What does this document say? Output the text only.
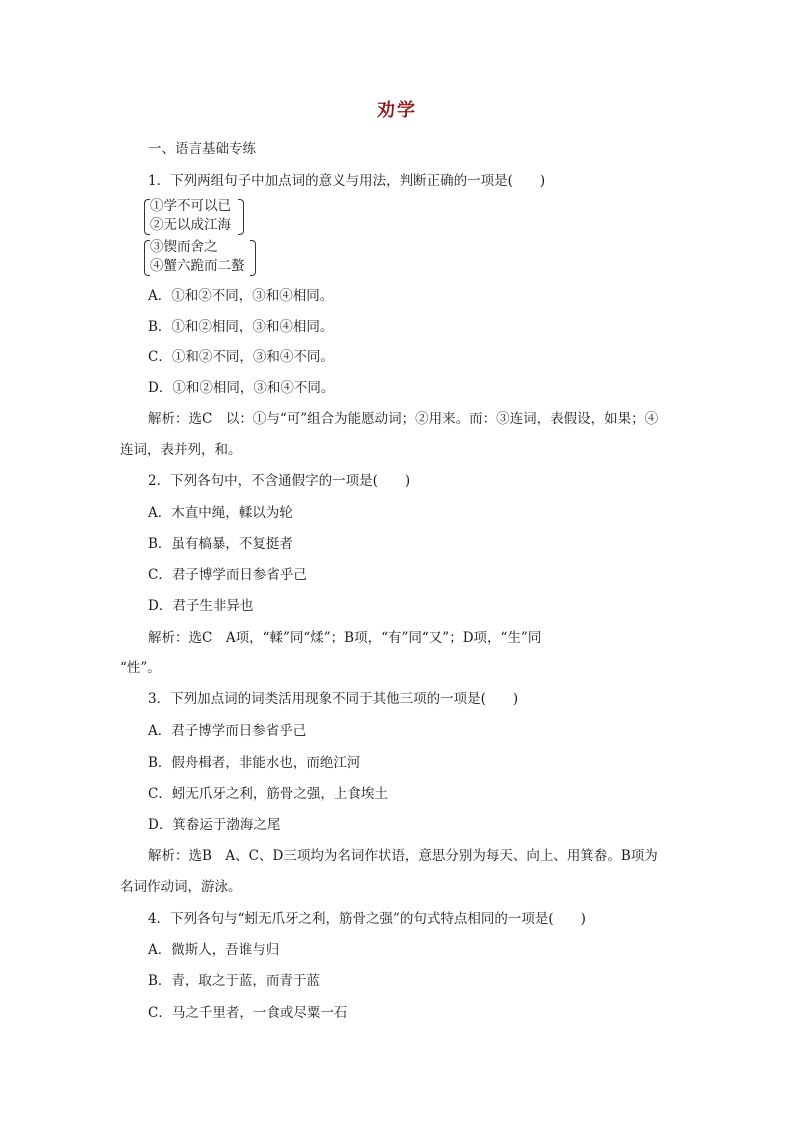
劝学
一、语言基础专练
1．下列两组句子中加点词的意义与用法，判断正确的一项是(　　)
①学不可以已
②无以成江海
③锲而舍之
④蟹六跪而二螯
A．①和②不同，③和④相同。
B．①和②相同，③和④相同。
C．①和②不同，③和④不同。
D．①和②相同，③和④不同。
解析：选C　以：①与“可”组合为能愿动词；②用来。而：③连词，表假设，如果；④
连词，表并列，和。
2．下列各句中，不含通假字的一项是(　　)
A．木直中绳，輮以为轮
B．虽有槁暴，不复挺者
C．君子博学而日参省乎己
D．君子生非异也
解析：选C　A项，“輮”同“煣”；B项，“有”同“又”；D项，“生”同
“性”。
3．下列加点词的词类活用现象不同于其他三项的一项是(　　)
A．君子博学而日参省乎己
B．假舟楫者，非能水也，而绝江河
C．蚓无爪牙之利，筋骨之强，上食埃土
D．箕畚运于渤海之尾
解析：选B　A、C、D三项均为名词作状语，意思分别为每天、向上、用箕畚。B项为
名词作动词，游泳。
4．下列各句与“蚓无爪牙之利，筋骨之强”的句式特点相同的一项是(　　)
A．微斯人，吾谁与归
B．青，取之于蓝，而青于蓝
C．马之千里者，一食或尽粟一石
